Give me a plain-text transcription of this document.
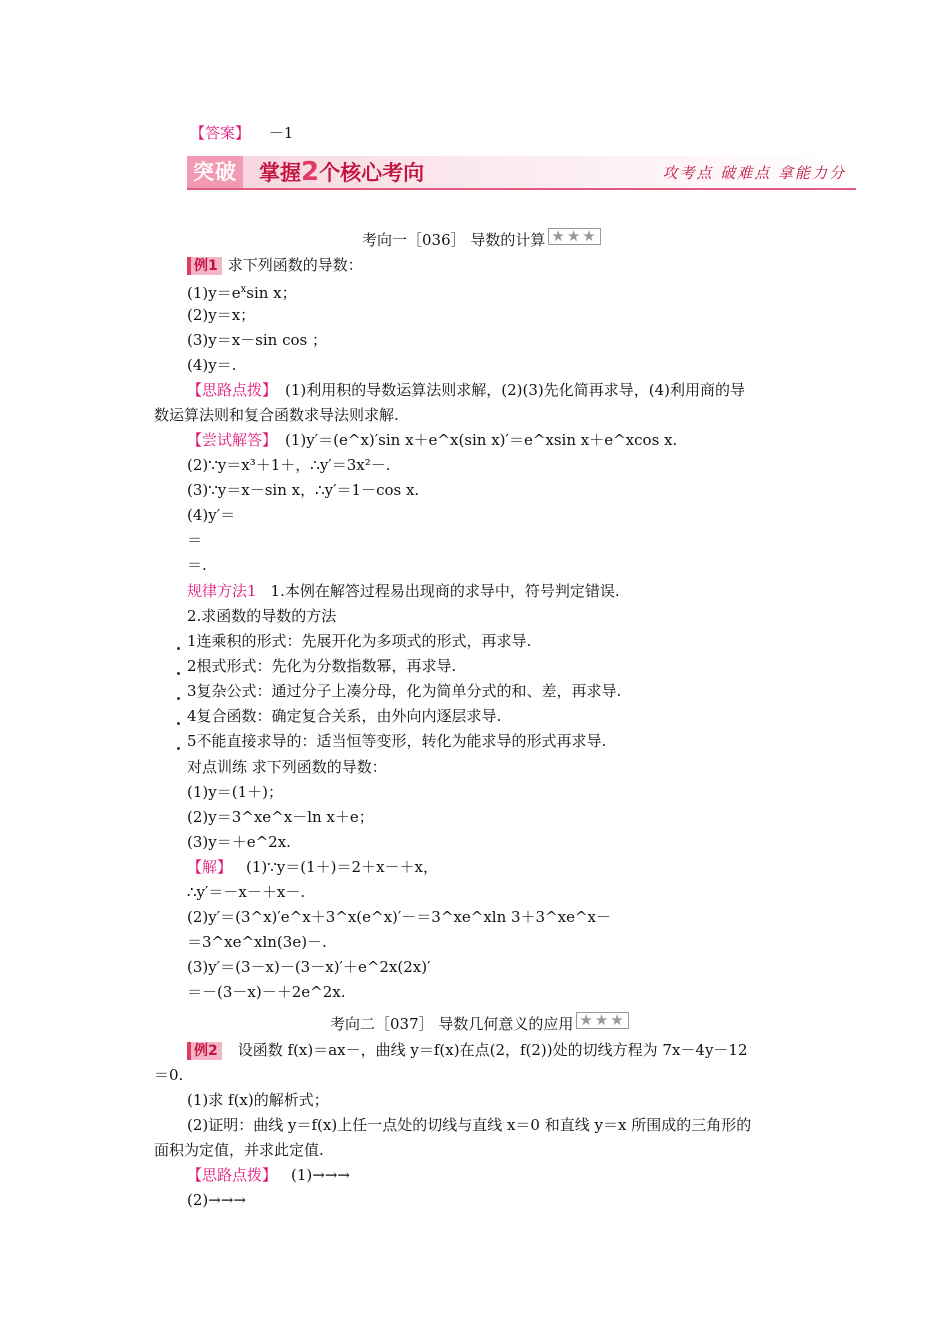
【答案】 －1
突破 掌握2个核心考向	攻考点 破难点 拿能力分
考向一［036］ 导数的计算 ★★★
例1 求下列函数的导数：
$(1)y=e^x\sin$ x；
(2)y＝x；
(3)y＝x－sin cos ；
(4)y＝.
【思路点拨】 (1)利用积的导数运算法则求解，(2)(3)先化简再求导，(4)利用商的导
数运算法则和复合函数求导法则求解.
【尝试解答】 (1)y′＝(e^x)′sin x＋e^x(sin x)′＝e^xsin x＋e^xcos x.
(2)∵y＝x³＋1＋，∴y′＝3x²－.
(3)∵y＝x－sin x，∴y′＝1－cos x.
(4)y′＝
＝
＝.
规律方法1 1.本例在解答过程易出现商的求导中，符号判定错误.
2.求函数的导数的方法
1连乘积的形式：先展开化为多项式的形式，再求导.
2根式形式：先化为分数指数幂，再求导.
3复杂公式：通过分子上凑分母，化为简单分式的和、差，再求导.
4复合函数：确定复合关系，由外向内逐层求导.
5不能直接求导的：适当恒等变形，转化为能求导的形式再求导.
对点训练 求下列函数的导数：
(1)y＝(1＋)；
(2)y＝3^xe^x－ln x＋e；
(3)y＝＋e^2x.
【解】 (1)∵y＝(1＋)＝2＋x－＋x，
∴y′＝－x－＋x－.
(2)y′＝(3^x)′e^x＋3^x(e^x)′－＝3^xe^xln 3＋3^xe^x－
＝3^xe^xln(3e)－.
(3)y′＝(3－x)－(3－x)′＋e^2x(2x)′
＝－(3－x)－＋2e^2x.
考向二［037］ 导数几何意义的应用 ★★★
例2 设函数 f(x)＝ax－，曲线 y＝f(x)在点(2，f(2))处的切线方程为 7x－4y－12
＝0.
(1)求 f(x)的解析式；
(2)证明：曲线 y＝f(x)上任一点处的切线与直线 x＝0 和直线 y＝x 所围成的三角形的
面积为定值，并求此定值.
【思路点拨】 (1)→→→
(2)→→→
